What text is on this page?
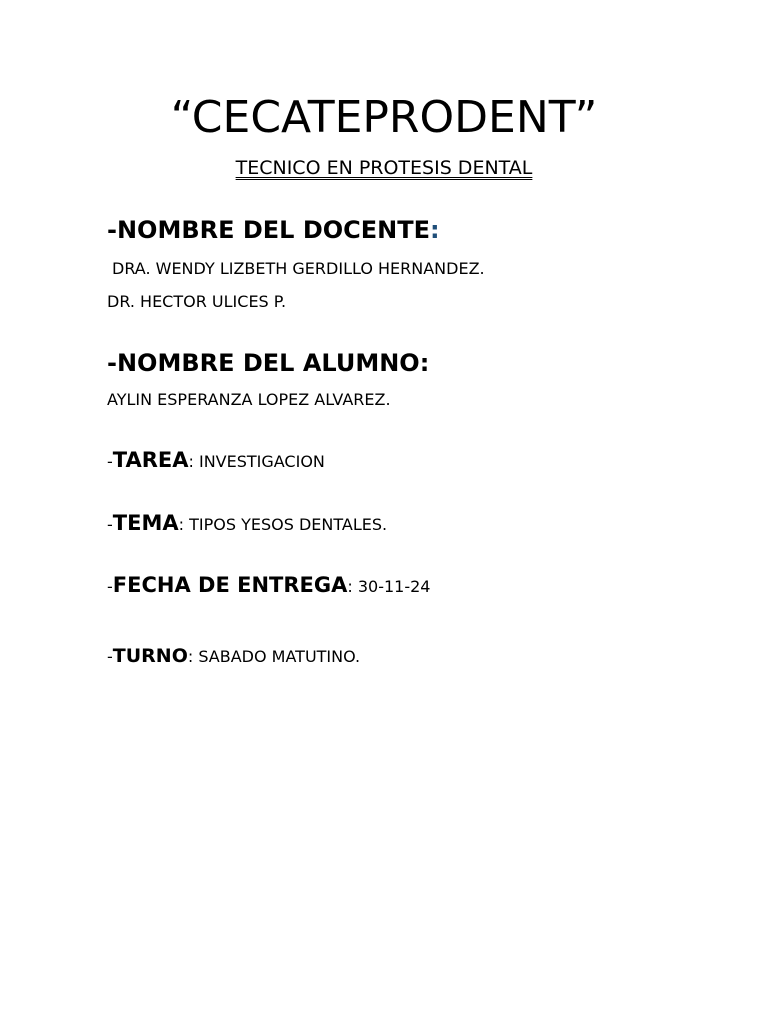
“CECATEPRODENT”

TECNICO EN PROTESIS DENTAL

-NOMBRE DEL DOCENTE:

DRA. WENDY LIZBETH GERDILLO HERNANDEZ.

DR. HECTOR ULICES P.

-NOMBRE DEL ALUMNO:

AYLIN ESPERANZA LOPEZ ALVAREZ.

-TAREA: INVESTIGACION

-TEMA: TIPOS YESOS DENTALES.

-FECHA DE ENTREGA: 30-11-24

-TURNO: SABADO MATUTINO.
